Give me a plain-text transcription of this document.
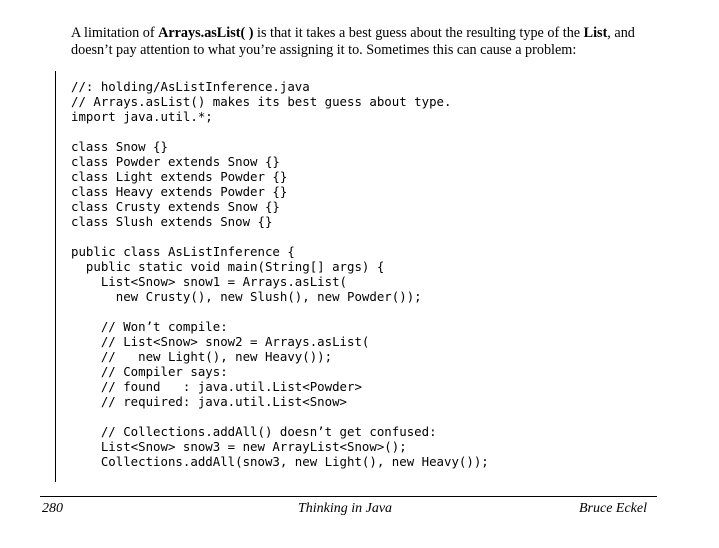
A limitation of Arrays.asList( ) is that it takes a best guess about the resulting type of the List, and doesn’t pay attention to what you’re assigning it to. Sometimes this can cause a problem:

//: holding/AsListInference.java
// Arrays.asList() makes its best guess about type.
import java.util.*;
class Snow {}
class Powder extends Snow {}
class Light extends Powder {}
class Heavy extends Powder {}
class Crusty extends Snow {}
class Slush extends Snow {}
public class AsListInference {
public static void main(String[] args) {
List<Snow> snow1 = Arrays.asList(
new Crusty(), new Slush(), new Powder());
// Won’t compile:
// List<Snow> snow2 = Arrays.asList(
//   new Light(), new Heavy());
// Compiler says:
// found   : java.util.List<Powder>
// required: java.util.List<Snow>
// Collections.addAll() doesn’t get confused:
List<Snow> snow3 = new ArrayList<Snow>();
Collections.addAll(snow3, new Light(), new Heavy());
280	Thinking in Java	Bruce Eckel
